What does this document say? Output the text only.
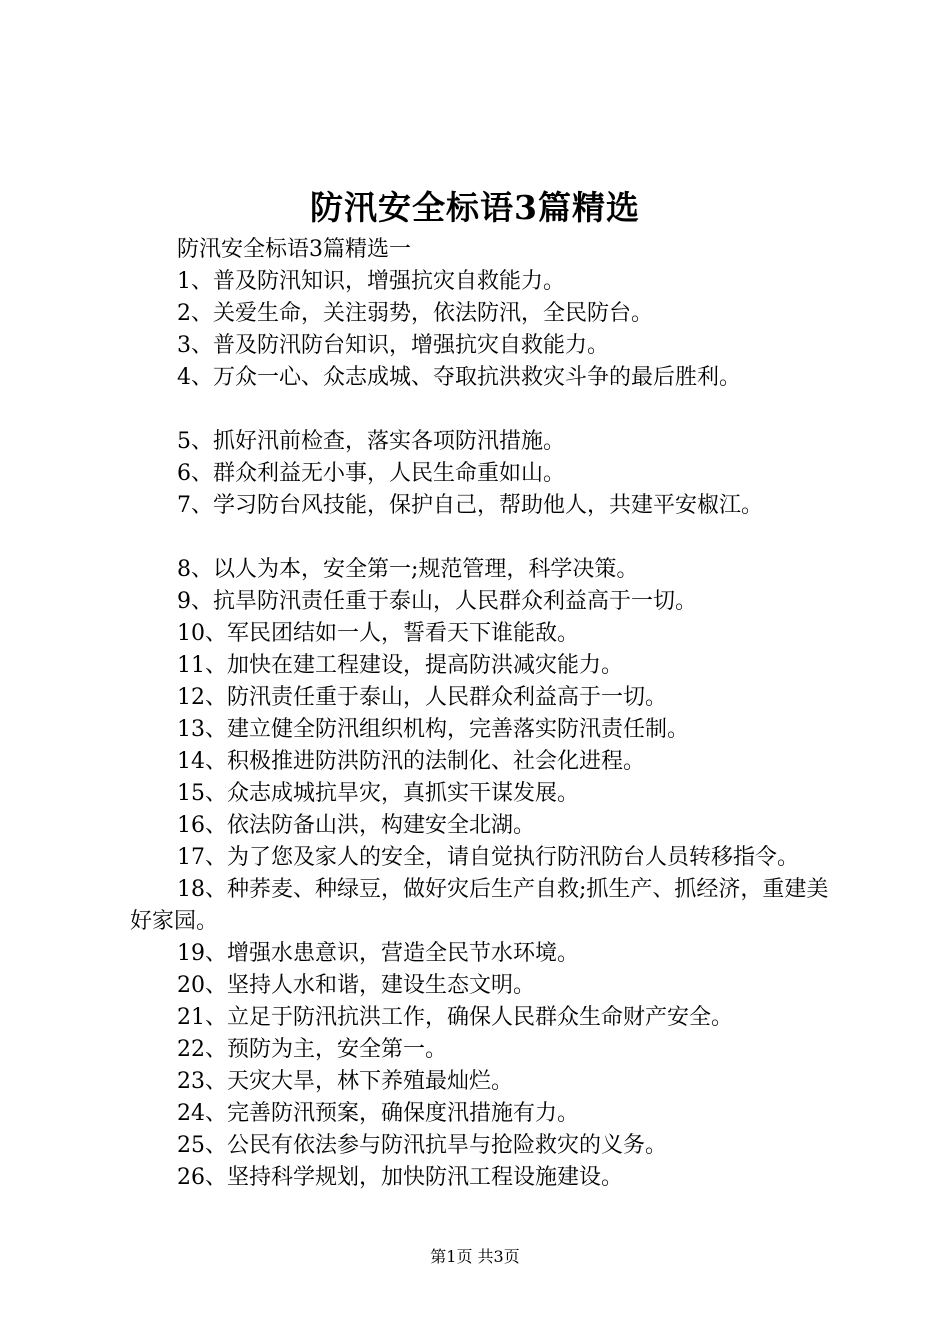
防汛安全标语3篇精选

防汛安全标语3篇精选一

1、普及防汛知识，增强抗灾自救能力。

2、关爱生命，关注弱势，依法防汛，全民防台。

3、普及防汛防台知识，增强抗灾自救能力。

4、万众一心、众志成城、夺取抗洪救灾斗争的最后胜利。

5、抓好汛前检查，落实各项防汛措施。

6、群众利益无小事，人民生命重如山。

7、学习防台风技能，保护自己，帮助他人，共建平安椒江。

8、以人为本，安全第一;规范管理，科学决策。

9、抗旱防汛责任重于泰山，人民群众利益高于一切。

10、军民团结如一人，誓看天下谁能敌。

11、加快在建工程建设，提高防洪减灾能力。

12、防汛责任重于泰山，人民群众利益高于一切。

13、建立健全防汛组织机构，完善落实防汛责任制。

14、积极推进防洪防汛的法制化、社会化进程。

15、众志成城抗旱灾，真抓实干谋发展。

16、依法防备山洪，构建安全北湖。

17、为了您及家人的安全，请自觉执行防汛防台人员转移指令。

18、种荞麦、种绿豆，做好灾后生产自救;抓生产、抓经济，重建美好家园。

19、增强水患意识，营造全民节水环境。

20、坚持人水和谐，建设生态文明。

21、立足于防汛抗洪工作，确保人民群众生命财产安全。

22、预防为主，安全第一。

23、天灾大旱，林下养殖最灿烂。

24、完善防汛预案，确保度汛措施有力。

25、公民有依法参与防汛抗旱与抢险救灾的义务。

26、坚持科学规划，加快防汛工程设施建设。

第1页 共3页
